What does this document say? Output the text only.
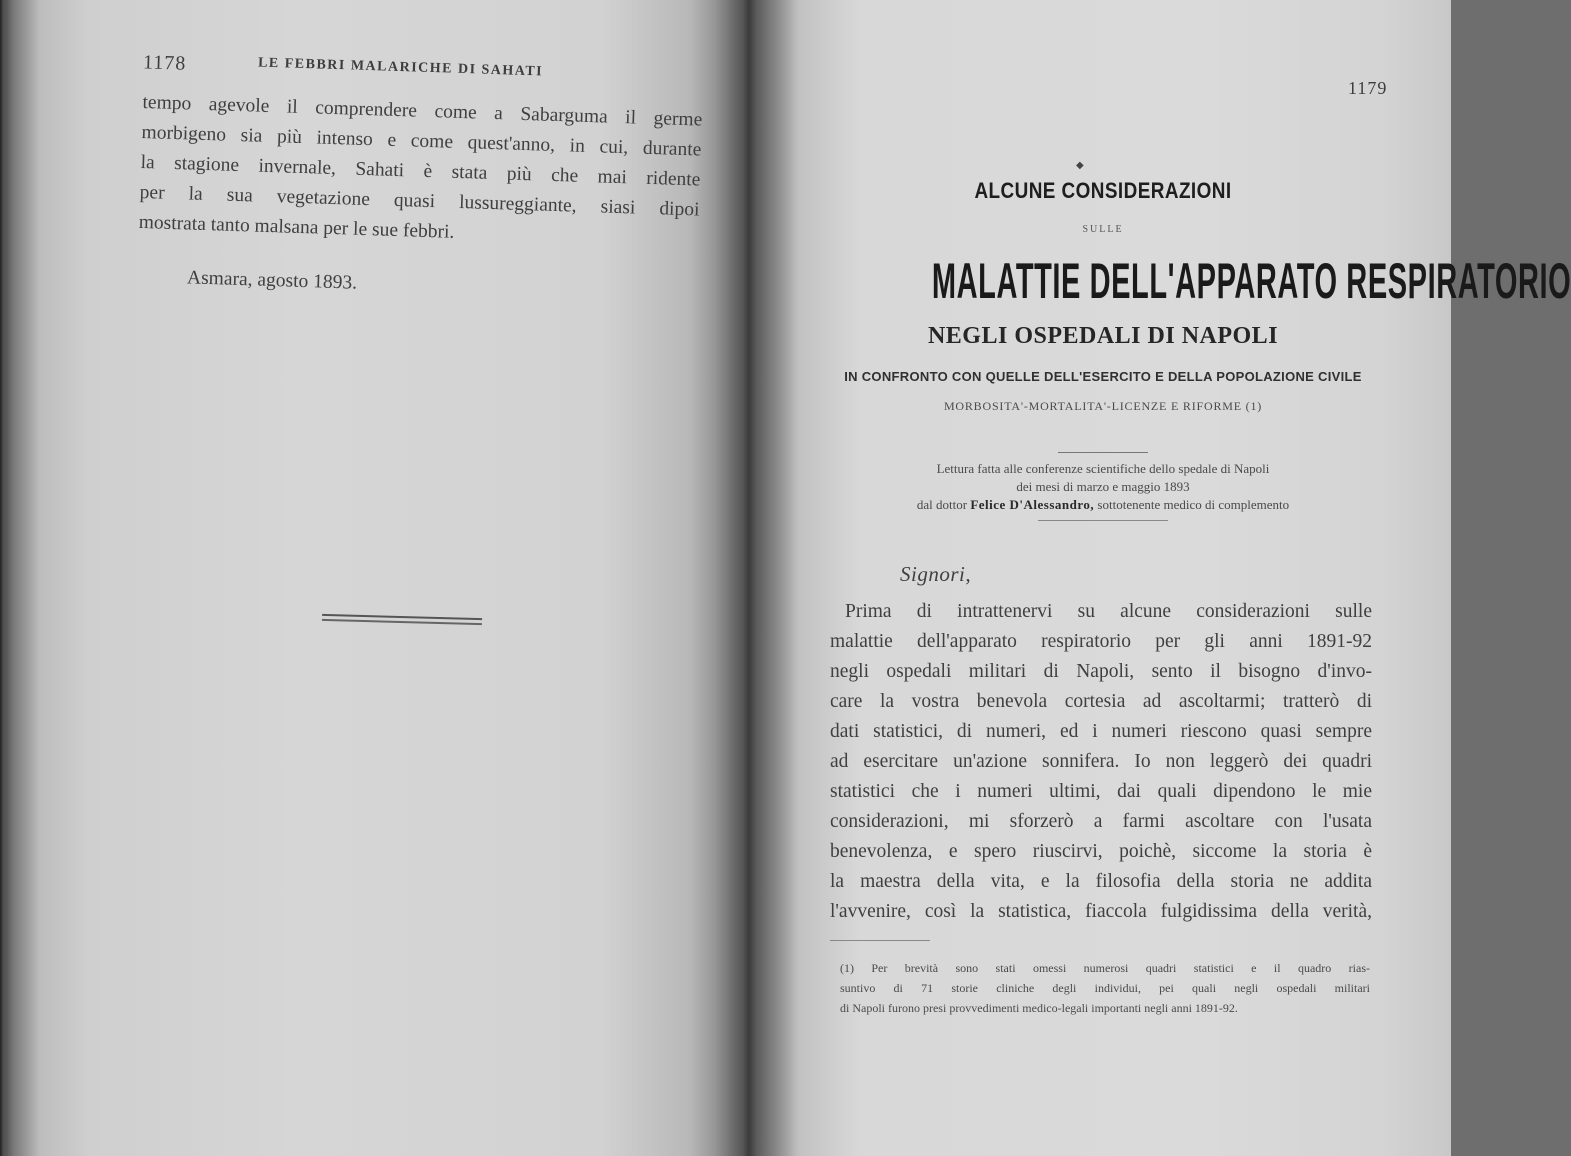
1178	LE FEBBRI MALARICHE DI SAHATI

tempo agevole il comprendere come a Sabarguma il germe
morbigeno sia più intenso e come quest'anno, in cui, durante
la stagione invernale, Sahati è stata più che mai ridente
per la sua vegetazione quasi lussureggiante, siasi dipoi
mostrata tanto malsana per le sue febbri.

Asmara, agosto 1893.
1179
◆
ALCUNE CONSIDERAZIONI
SULLE
MALATTIE DELL'APPARATO RESPIRATORIO
NEGLI OSPEDALI DI NAPOLI
IN CONFRONTO CON QUELLE DELL'ESERCITO E DELLA POPOLAZIONE CIVILE
MORBOSITA'-MORTALITA'-LICENZE E RIFORME (1)
Lettura fatta alle conferenze scientifiche dello spedale di Napoli
dei mesi di marzo e maggio 1893
dal dottor Felice D'Alessandro, sottotenente medico di complemento
Signori,

Prima di intrattenervi su alcune considerazioni sulle
malattie dell'apparato respiratorio per gli anni 1891-92
negli ospedali militari di Napoli, sento il bisogno d'invo-
care la vostra benevola cortesia ad ascoltarmi; tratterò di
dati statistici, di numeri, ed i numeri riescono quasi sempre
ad esercitare un'azione sonnifera. Io non leggerò dei quadri
statistici che i numeri ultimi, dai quali dipendono le mie
considerazioni, mi sforzerò a farmi ascoltare con l'usata
benevolenza, e spero riuscirvi, poichè, siccome la storia è
la maestra della vita, e la filosofia della storia ne addita
l'avvenire, così la statistica, fiaccola fulgidissima della verità,

(1) Per brevità sono stati omessi numerosi quadri statistici e il quadro rias-
suntivo di 71 storie cliniche degli individui, pei quali negli ospedali militari
di Napoli furono presi provvedimenti medico-legali importanti negli anni 1891-92.
